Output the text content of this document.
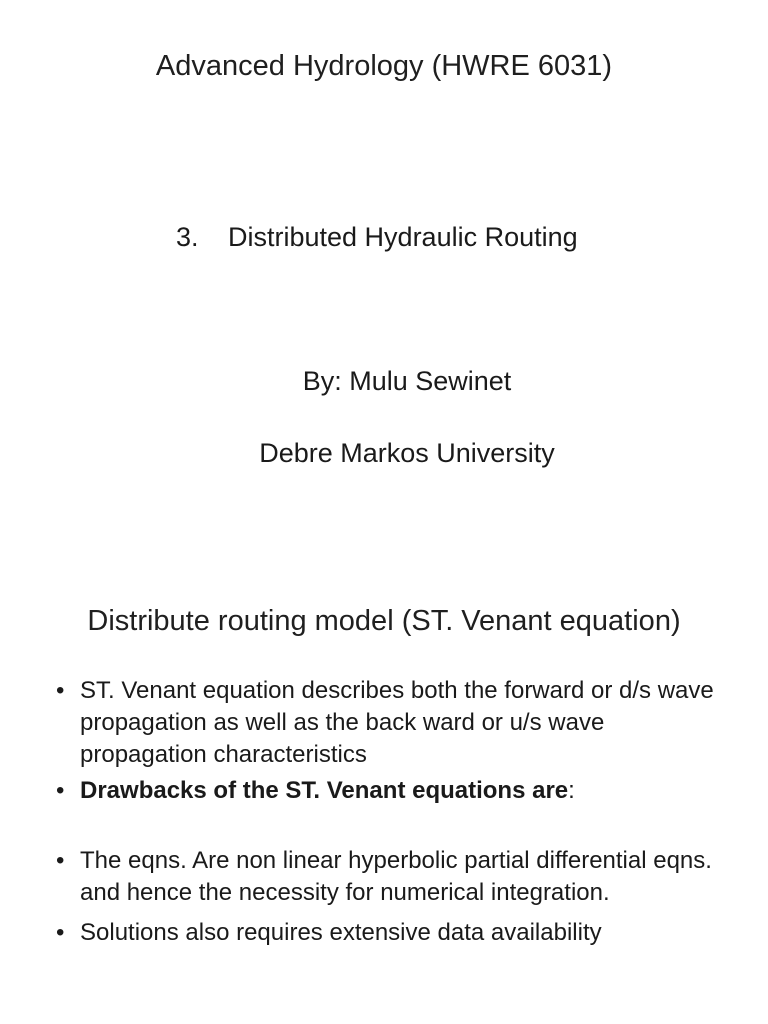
Advanced Hydrology (HWRE 6031)

3. Distributed Hydraulic Routing

By: Mulu Sewinet

Debre Markos University

Distribute routing model (ST. Venant equation)
• ST. Venant equation describes both the forward or d/s wave propagation as well as the back ward or u/s wave propagation characteristics
• Drawbacks of the ST. Venant equations are:
• The eqns. Are non linear hyperbolic partial differential eqns. and hence the necessity for numerical integration.
• Solutions also requires extensive data availability
